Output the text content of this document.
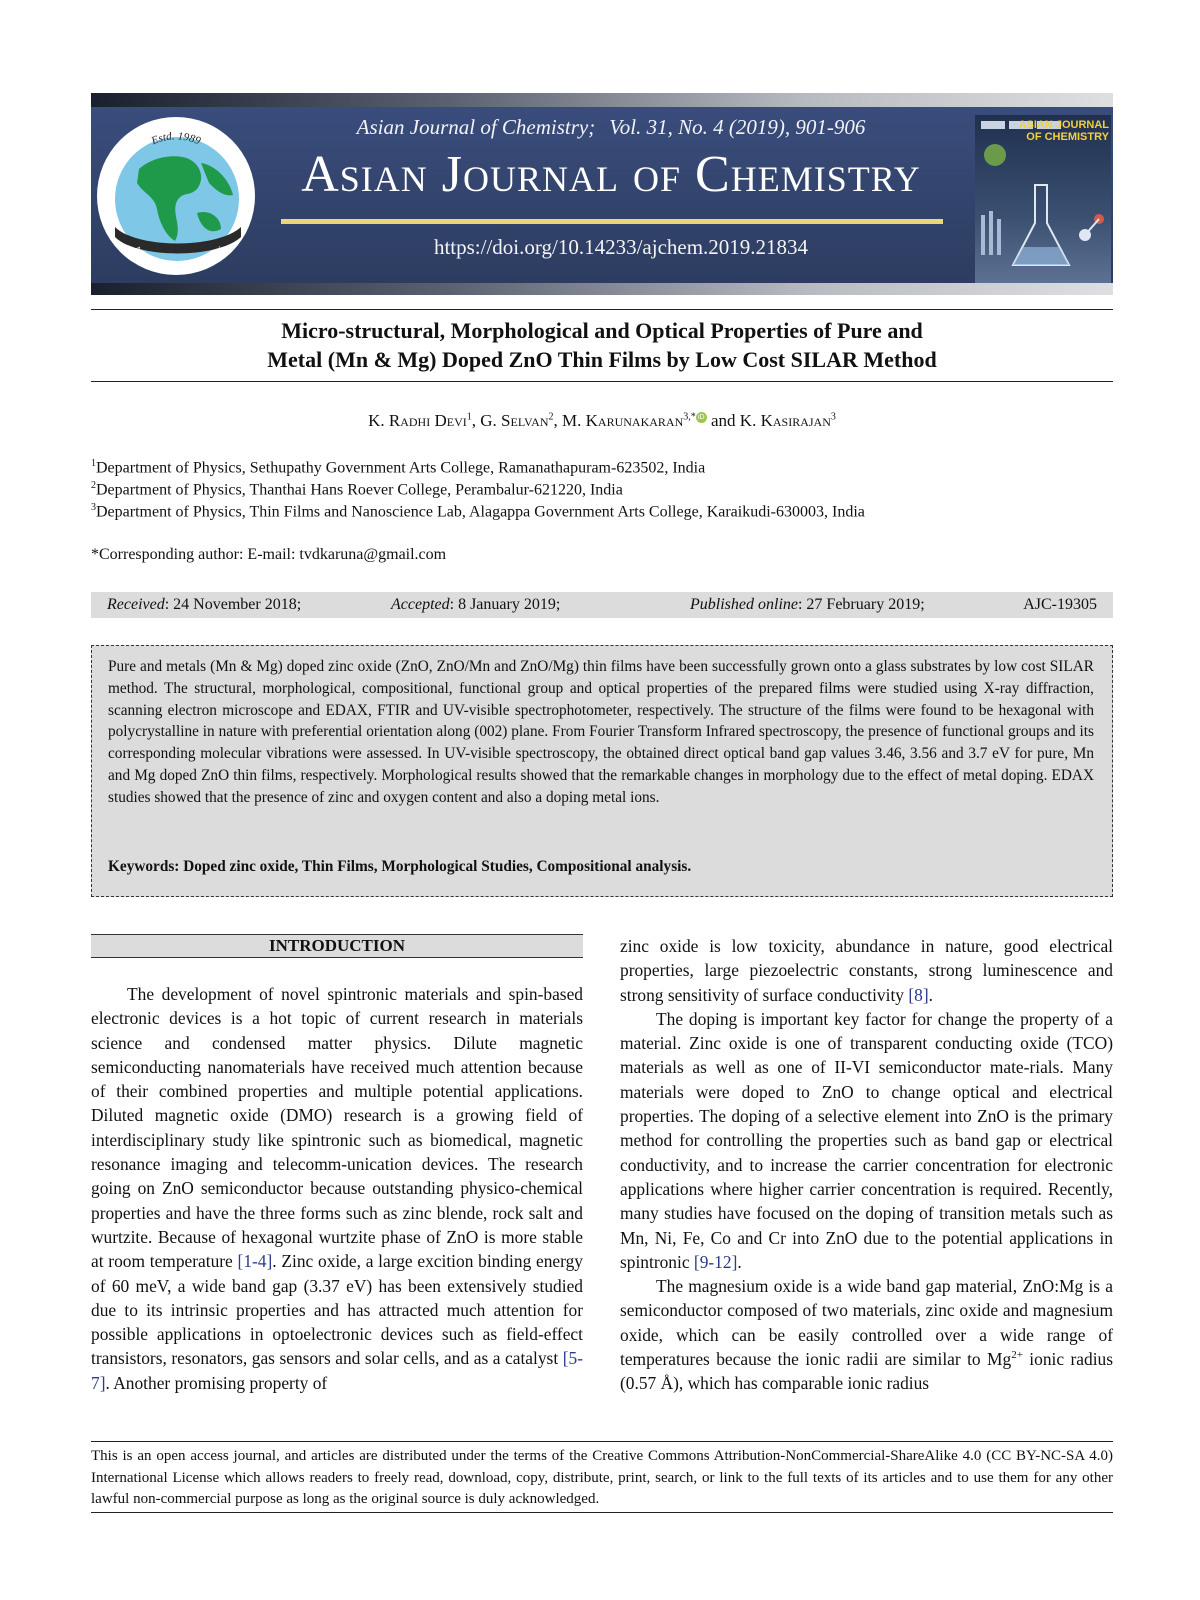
Estd. 1989
Asian Journal of Chemistry
Asian Journal of Chemistry; Vol. 31, No. 4 (2019), 901-906
Asian Journal of Chemistry
https://doi.org/10.14233/ajchem.2019.21834
ASIAN JOURNAL OF CHEMISTRY
Micro-structural, Morphological and Optical Properties of Pure and
Metal (Mn & Mg) Doped ZnO Thin Films by Low Cost SILAR Method
K. Radhi Devi$^1$, G. Selvan$^2$, M. Karunakaran$^{3,*}$ iD and K. Kasirajan$^3$
$^1$Department of Physics, Sethupathy Government Arts College, Ramanathapuram-623502, India
$^2$Department of Physics, Thanthai Hans Roever College, Perambalur-621220, India
$^3$Department of Physics, Thin Films and Nanoscience Lab, Alagappa Government Arts College, Karaikudi-630003, India
*Corresponding author: E-mail: tvdkaruna@gmail.com
Received: 24 November 2018;	Accepted: 8 January 2019;	Published online: 27 February 2019;	AJC-19305
Pure and metals (Mn & Mg) doped zinc oxide (ZnO, ZnO/Mn and ZnO/Mg) thin films have been successfully grown onto a glass substrates by low cost SILAR method. The structural, morphological, compositional, functional group and optical properties of the prepared films were studied using X-ray diffraction, scanning electron microscope and EDAX, FTIR and UV-visible spectrophotometer, respectively. The structure of the films were found to be hexagonal with polycrystalline in nature with preferential orientation along (002) plane. From Fourier Transform Infrared spectroscopy, the presence of functional groups and its corresponding molecular vibrations were assessed. In UV-visible spectroscopy, the obtained direct optical band gap values 3.46, 3.56 and 3.7 eV for pure, Mn and Mg doped ZnO thin films, respectively. Morphological results showed that the remarkable changes in morphology due to the effect of metal doping. EDAX studies showed that the presence of zinc and oxygen content and also a doping metal ions.
Keywords: Doped zinc oxide, Thin Films, Morphological Studies, Compositional analysis.
INTRODUCTION

The development of novel spintronic materials and spin-based electronic devices is a hot topic of current research in materials science and condensed matter physics. Dilute magnetic semiconducting nanomaterials have received much attention because of their combined properties and multiple potential applications. Diluted magnetic oxide (DMO) research is a growing field of interdisciplinary study like spintronic such as biomedical, magnetic resonance imaging and telecomm-unication devices. The research going on ZnO semiconductor because outstanding physico-chemical properties and have the three forms such as zinc blende, rock salt and wurtzite. Because of hexagonal wurtzite phase of ZnO is more stable at room temperature [1-4]. Zinc oxide, a large excition binding energy of 60 meV, a wide band gap (3.37 eV) has been extensively studied due to its intrinsic properties and has attracted much attention for possible applications in optoelectronic devices such as field-effect transistors, resonators, gas sensors and solar cells, and as a catalyst [5-7]. Another promising property of

zinc oxide is low toxicity, abundance in nature, good electrical properties, large piezoelectric constants, strong luminescence and strong sensitivity of surface conductivity [8].

The doping is important key factor for change the property of a material. Zinc oxide is one of transparent conducting oxide (TCO) materials as well as one of II-VI semiconductor mate-rials. Many materials were doped to ZnO to change optical and electrical properties. The doping of a selective element into ZnO is the primary method for controlling the properties such as band gap or electrical conductivity, and to increase the carrier concentration for electronic applications where higher carrier concentration is required. Recently, many studies have focused on the doping of transition metals such as Mn, Ni, Fe, Co and Cr into ZnO due to the potential applications in spintronic [9-12].

The magnesium oxide is a wide band gap material, ZnO:Mg is a semiconductor composed of two materials, zinc oxide and magnesium oxide, which can be easily controlled over a wide range of temperatures because the ionic radii are similar to $Mg^{2+}$ ionic radius (0.57 Å), which has comparable ionic radius

This is an open access journal, and articles are distributed under the terms of the Creative Commons Attribution-NonCommercial-ShareAlike 4.0 (CC BY-NC-SA 4.0) International License which allows readers to freely read, download, copy, distribute, print, search, or link to the full texts of its articles and to use them for any other lawful non-commercial purpose as long as the original source is duly acknowledged.
